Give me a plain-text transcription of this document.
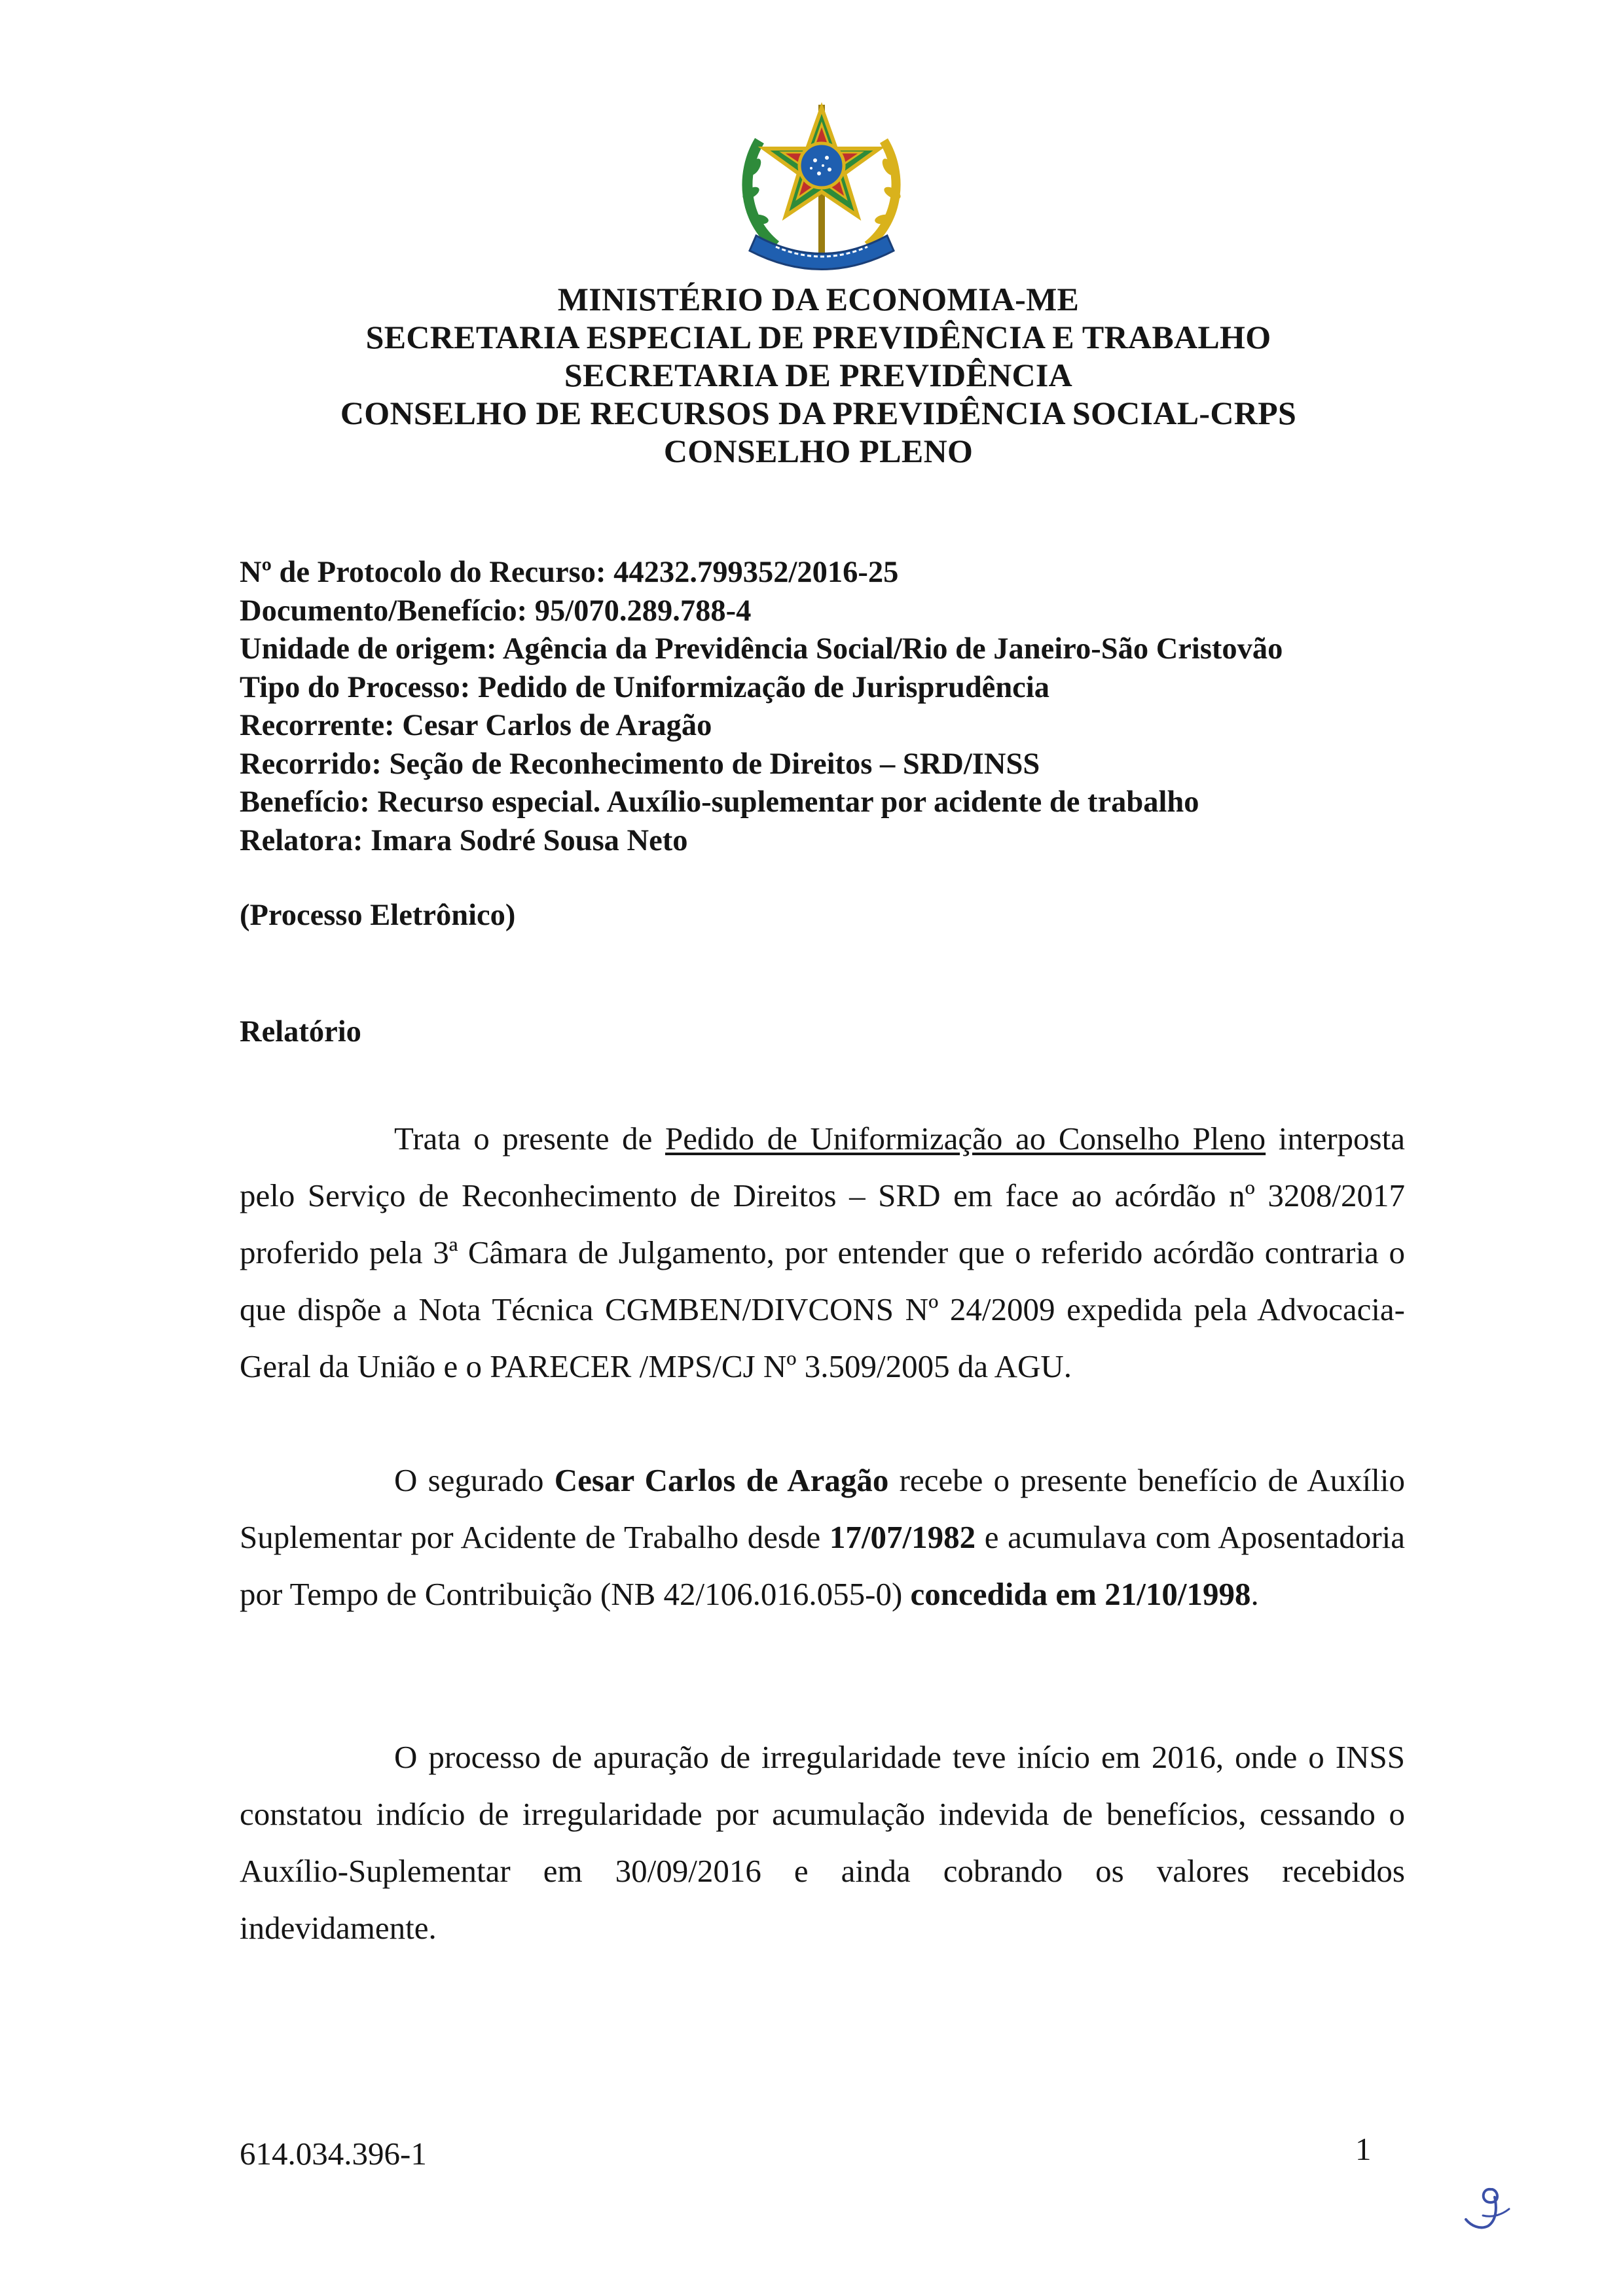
MINISTÉRIO DA ECONOMIA-ME
SECRETARIA ESPECIAL DE PREVIDÊNCIA E TRABALHO
SECRETARIA DE PREVIDÊNCIA
CONSELHO DE RECURSOS DA PREVIDÊNCIA SOCIAL-CRPS
CONSELHO PLENO
Nº de Protocolo do Recurso: 44232.799352/2016-25
Documento/Benefício: 95/070.289.788-4
Unidade de origem: Agência da Previdência Social/Rio de Janeiro-São Cristovão
Tipo do Processo: Pedido de Uniformização de Jurisprudência
Recorrente: Cesar Carlos de Aragão
Recorrido: Seção de Reconhecimento de Direitos – SRD/INSS
Benefício: Recurso especial. Auxílio-suplementar por acidente de trabalho
Relatora: Imara Sodré Sousa Neto
(Processo Eletrônico)
Relatório

Trata o presente de Pedido de Uniformização ao Conselho Pleno interposta pelo Serviço de Reconhecimento de Direitos – SRD em face ao acórdão nº 3208/2017 proferido pela 3ª Câmara de Julgamento, por entender que o referido acórdão contraria o que dispõe a Nota Técnica CGMBEN/DIVCONS Nº 24/2009 expedida pela Advocacia-Geral da União e o PARECER /MPS/CJ Nº 3.509/2005 da AGU.

O segurado Cesar Carlos de Aragão recebe o presente benefício de Auxílio Suplementar por Acidente de Trabalho desde 17/07/1982 e acumulava com Aposentadoria por Tempo de Contribuição (NB 42/106.016.055-0) concedida em 21/10/1998.

O processo de apuração de irregularidade teve início em 2016, onde o INSS constatou indício de irregularidade por acumulação indevida de benefícios, cessando o Auxílio-Suplementar em 30/09/2016 e ainda cobrando os valores recebidos indevidamente.

614.034.396-1	1
